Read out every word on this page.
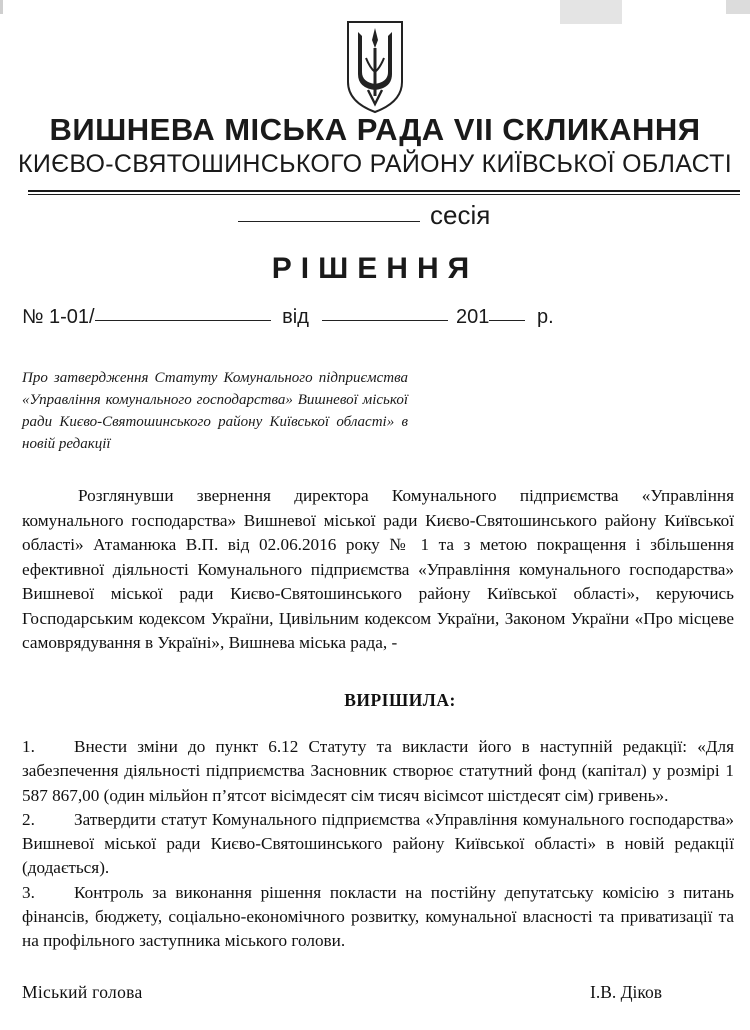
ВИШНЕВА МІСЬКА РАДА VII СКЛИКАННЯ
КИЄВО-СВЯТОШИНСЬКОГО РАЙОНУ КИЇВСЬКОЇ ОБЛАСТІ
сесія
РІШЕННЯ
№ 1-01/	від	201 р.
Про затвердження Статуту Комунального підприємства «Управління комунального господарства» Вишневої міської ради Києво-Святошинського району Київської області» в новій редакції
Розглянувши звернення директора Комунального підприємства «Управління комунального господарства» Вишневої міської ради Києво-Святошинського району Київської області» Атаманюка В.П. від 02.06.2016 року № 1 та з метою покращення і збільшення ефективної діяльності Комунального підприємства «Управління комунального господарства» Вишневої міської ради Києво-Святошинського району Київської області», керуючись Господарським кодексом України, Цивільним кодексом України, Законом України «Про місцеве самоврядування в Україні», Вишнева міська рада, -
ВИРІШИЛА:

1. Внести зміни до пункт 6.12 Статуту та викласти його в наступній редакції: «Для забезпечення діяльності підприємства Засновник створює статутний фонд (капітал) у розмірі 1 587 867,00 (один мільйон п’ятсот вісімдесят сім тисяч вісімсот шістдесят сім) гривень».

2. Затвердити статут Комунального підприємства «Управління комунального господарства» Вишневої міської ради Києво-Святошинського району Київської області» в новій редакції (додається).

3. Контроль за виконання рішення покласти на постійну депутатську комісію з питань фінансів, бюджету, соціально-економічного розвитку, комунальної власності та приватизації та на профільного заступника міського голови.

Міський голова	І.В. Діков
